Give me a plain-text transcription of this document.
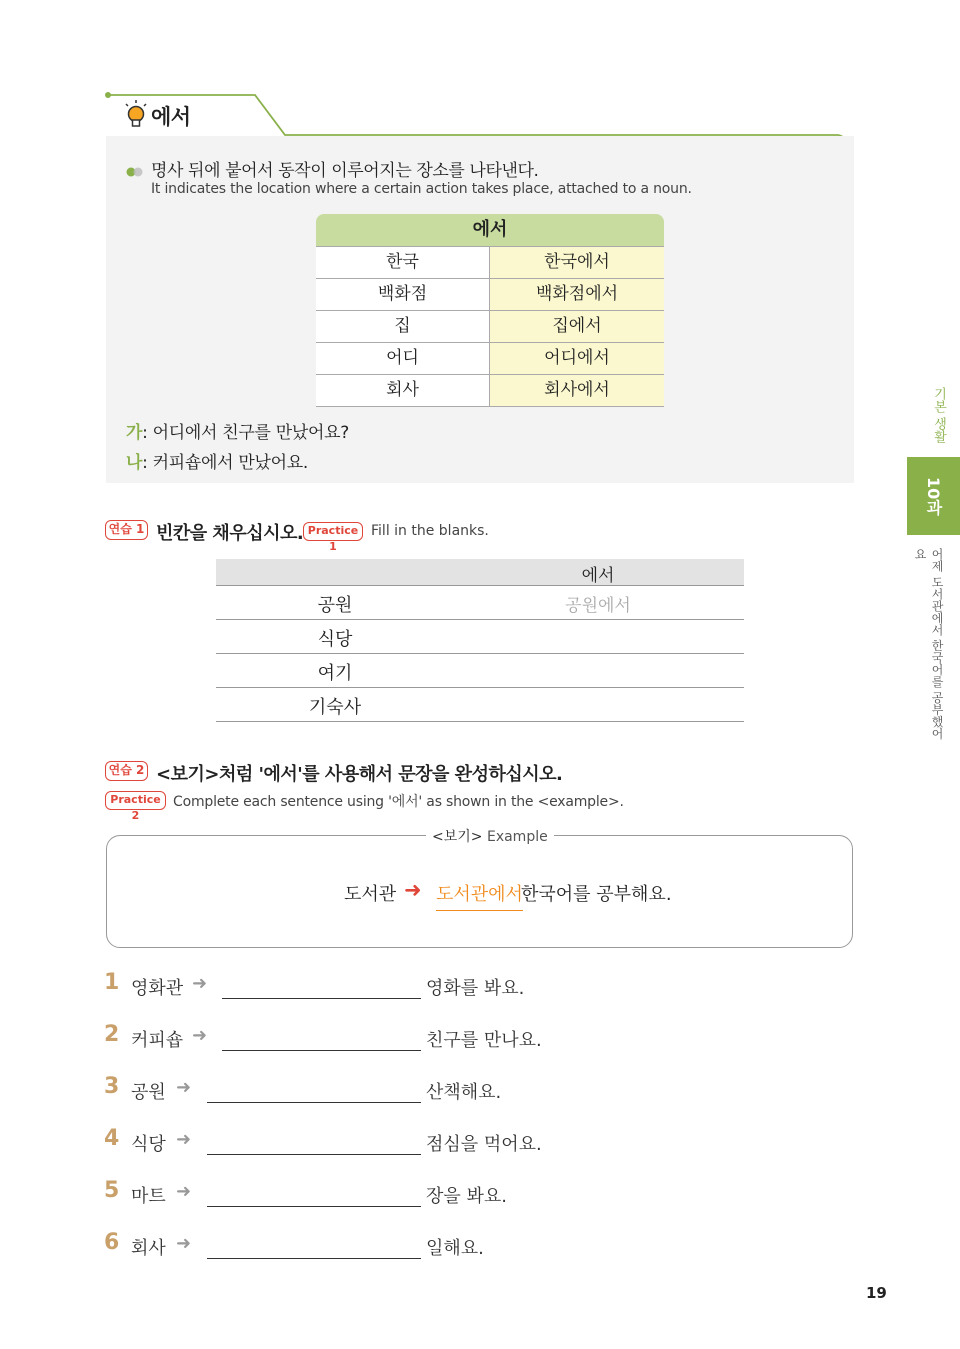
에서
명사 뒤에 붙어서 동작이 이루어지는 장소를 나타낸다.
It indicates the location where a certain action takes place, attached to a noun.
에서
한국	한국에서
백화점	백화점에서
집	집에서
어디	어디에서
회사	회사에서
가: 어디에서 친구를 만났어요?
나: 커피숍에서 만났어요.
연습 1 빈칸을 채우십시오. Practice 1
Fill in the blanks.
에서
공원	공원에서
식당
여기
기숙사
연습 2 <보기>처럼 '에서'를 사용해서 문장을 완성하십시오.
Practice 2
Complete each sentence using '에서' as shown in the <example>.
<보기> Example
도서관 ➜ 도서관에서
한국어를 공부해요.
1 영화관 ➜	영화를 봐요.
2 커피숍 ➜	친구를 만나요.
3 공원 ➜	산책해요.
4 식당 ➜	점심을 먹어요.
5 마트 ➜	장을 봐요.
6 회사 ➜	일해요.
19
기본 생활
10과
어제 도서관에서 한국어를 공부했어요
